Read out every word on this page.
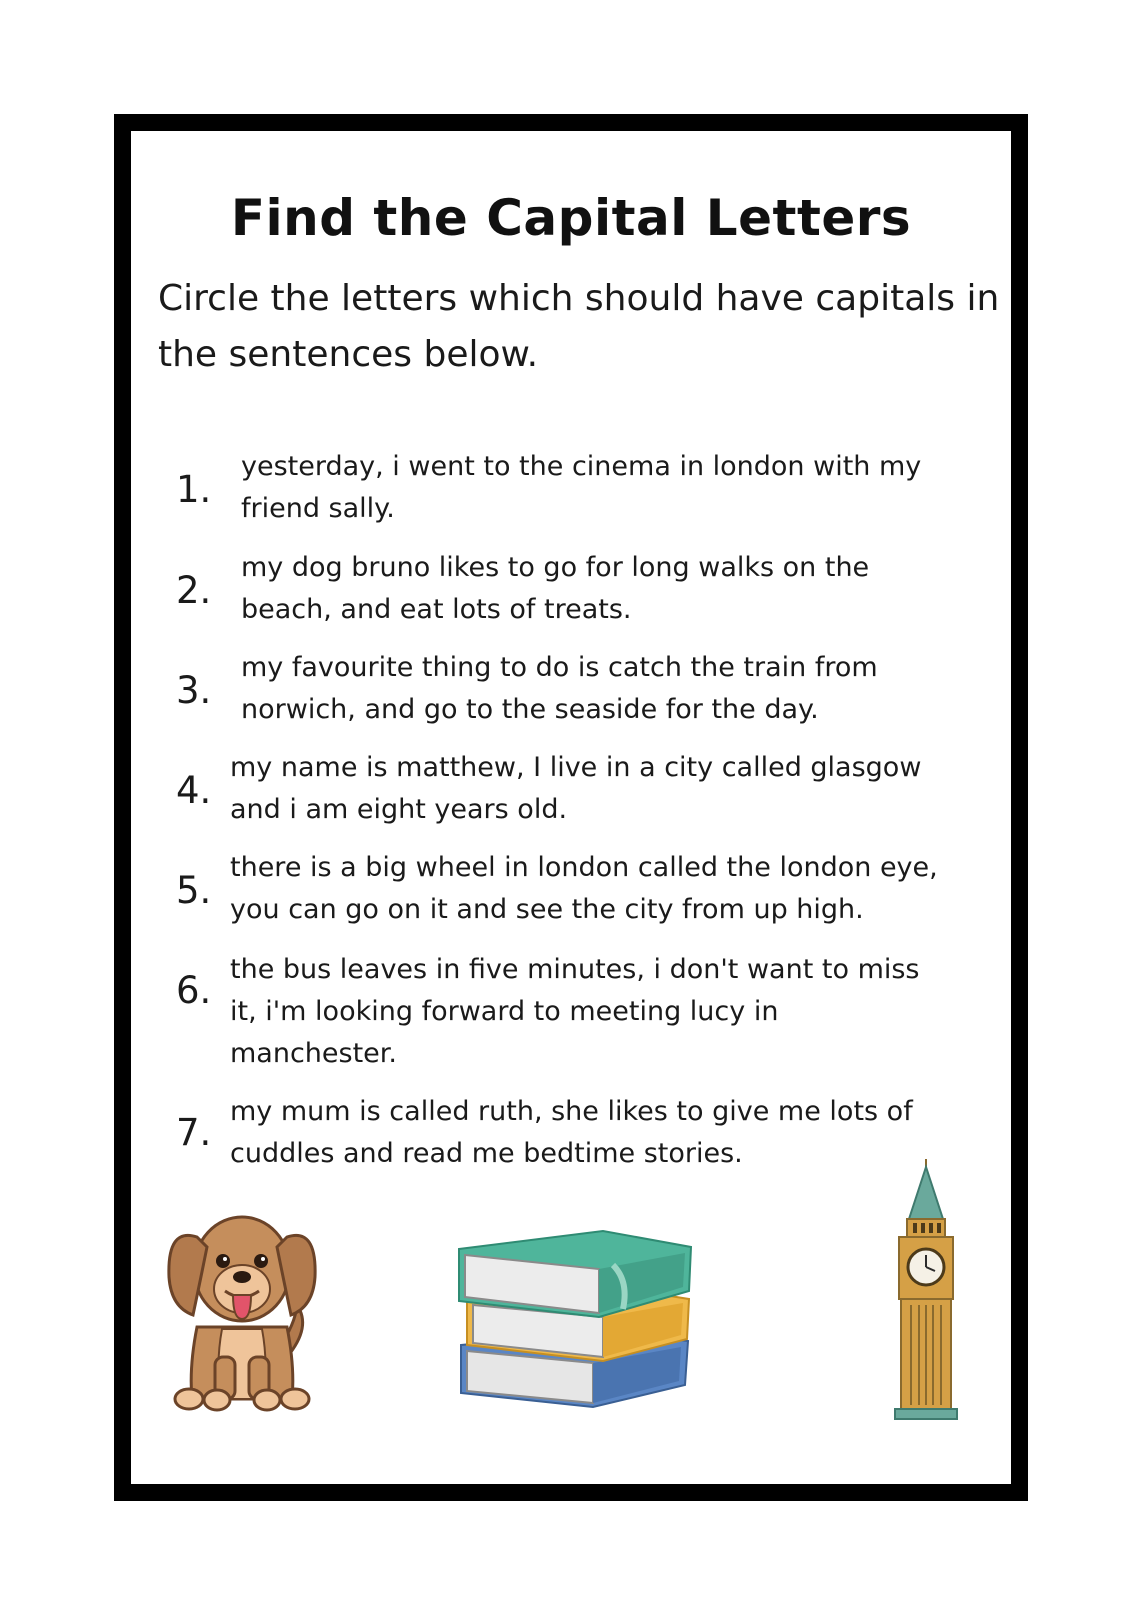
Find the Capital Letters

Circle the letters which should have capitals in the sentences below.

1.

yesterday, i went to the cinema in london with my friend sally.

2.

my dog bruno likes to go for long walks on the beach, and eat lots of treats.

3.

my favourite thing to do is catch the train from norwich, and go to the seaside for the day.

4.

my name is matthew, I live in a city called glasgow and i am eight years old.

5.

there is a big wheel in london called the london eye, you can go on it and see the city from up high.

6. the bus leaves in five minutes, i don't want to miss it, i'm looking forward to meeting lucy in manchester.

7. my mum is called ruth, she likes to give me lots of cuddles and read me bedtime stories.
